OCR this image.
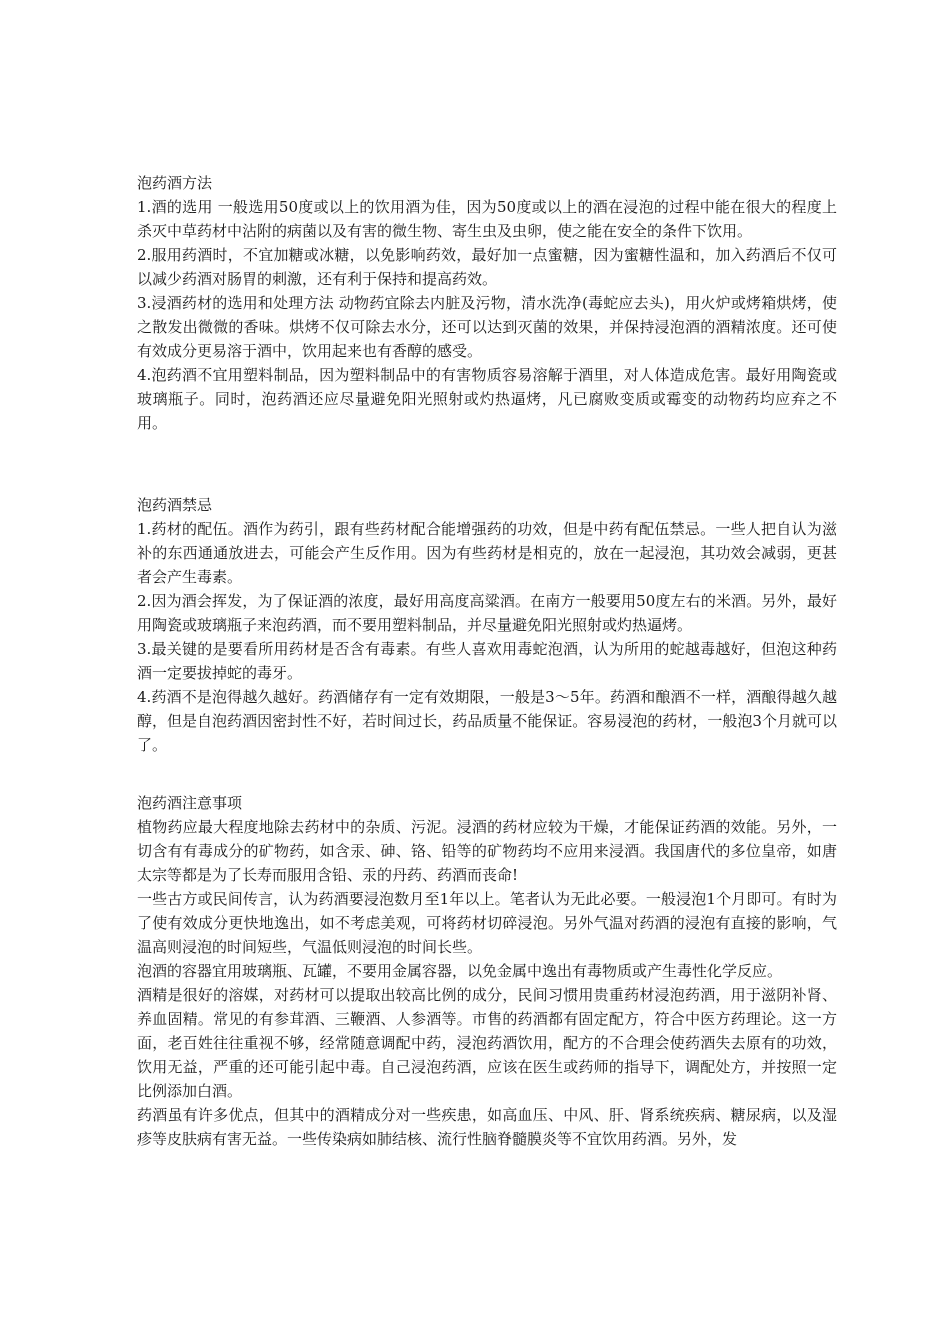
泡药酒方法

1.酒的选用 一般选用50度或以上的饮用酒为佳，因为50度或以上的酒在浸泡的过程中能在很大的程度上杀灭中草药材中沾附的病菌以及有害的微生物、寄生虫及虫卵，使之能在安全的条件下饮用。

2.服用药酒时，不宜加糖或冰糖，以免影响药效，最好加一点蜜糖，因为蜜糖性温和，加入药酒后不仅可以减少药酒对肠胃的刺激，还有利于保持和提高药效。

3.浸酒药材的选用和处理方法 动物药宜除去内脏及污物，清水洗净(毒蛇应去头)，用火炉或烤箱烘烤，使之散发出微微的香味。烘烤不仅可除去水分，还可以达到灭菌的效果，并保持浸泡酒的酒精浓度。还可使有效成分更易溶于酒中，饮用起来也有香醇的感受。

4.泡药酒不宜用塑料制品，因为塑料制品中的有害物质容易溶解于酒里，对人体造成危害。最好用陶瓷或玻璃瓶子。同时，泡药酒还应尽量避免阳光照射或灼热逼烤，凡已腐败变质或霉变的动物药均应弃之不用。

泡药酒禁忌

1.药材的配伍。酒作为药引，跟有些药材配合能增强药的功效，但是中药有配伍禁忌。一些人把自认为滋补的东西通通放进去，可能会产生反作用。因为有些药材是相克的，放在一起浸泡，其功效会减弱，更甚者会产生毒素。

2.因为酒会挥发，为了保证酒的浓度，最好用高度高粱酒。在南方一般要用50度左右的米酒。另外，最好用陶瓷或玻璃瓶子来泡药酒，而不要用塑料制品，并尽量避免阳光照射或灼热逼烤。

3.最关键的是要看所用药材是否含有毒素。有些人喜欢用毒蛇泡酒，认为所用的蛇越毒越好，但泡这种药酒一定要拔掉蛇的毒牙。

4.药酒不是泡得越久越好。药酒储存有一定有效期限，一般是3～5年。药酒和酿酒不一样，酒酿得越久越醇，但是自泡药酒因密封性不好，若时间过长，药品质量不能保证。容易浸泡的药材，一般泡3个月就可以了。

泡药酒注意事项

植物药应最大程度地除去药材中的杂质、污泥。浸酒的药材应较为干燥，才能保证药酒的效能。另外，一切含有有毒成分的矿物药，如含汞、砷、铬、铅等的矿物药均不应用来浸酒。我国唐代的多位皇帝，如唐太宗等都是为了长寿而服用含铅、汞的丹药、药酒而丧命!

一些古方或民间传言，认为药酒要浸泡数月至1年以上。笔者认为无此必要。一般浸泡1个月即可。有时为了使有效成分更快地逸出，如不考虑美观，可将药材切碎浸泡。另外气温对药酒的浸泡有直接的影响，气温高则浸泡的时间短些，气温低则浸泡的时间长些。

泡酒的容器宜用玻璃瓶、瓦罐，不要用金属容器，以免金属中逸出有毒物质或产生毒性化学反应。

酒精是很好的溶媒，对药材可以提取出较高比例的成分，民间习惯用贵重药材浸泡药酒，用于滋阴补肾、养血固精。常见的有参茸酒、三鞭酒、人参酒等。市售的药酒都有固定配方，符合中医方药理论。这一方面，老百姓往往重视不够，经常随意调配中药，浸泡药酒饮用，配方的不合理会使药酒失去原有的功效，饮用无益，严重的还可能引起中毒。自己浸泡药酒，应该在医生或药师的指导下，调配处方，并按照一定比例添加白酒。

药酒虽有许多优点，但其中的酒精成分对一些疾患，如高血压、中风、肝、肾系统疾病、糖尿病，以及湿疹等皮肤病有害无益。一些传染病如肺结核、流行性脑脊髓膜炎等不宜饮用药酒。另外，发
